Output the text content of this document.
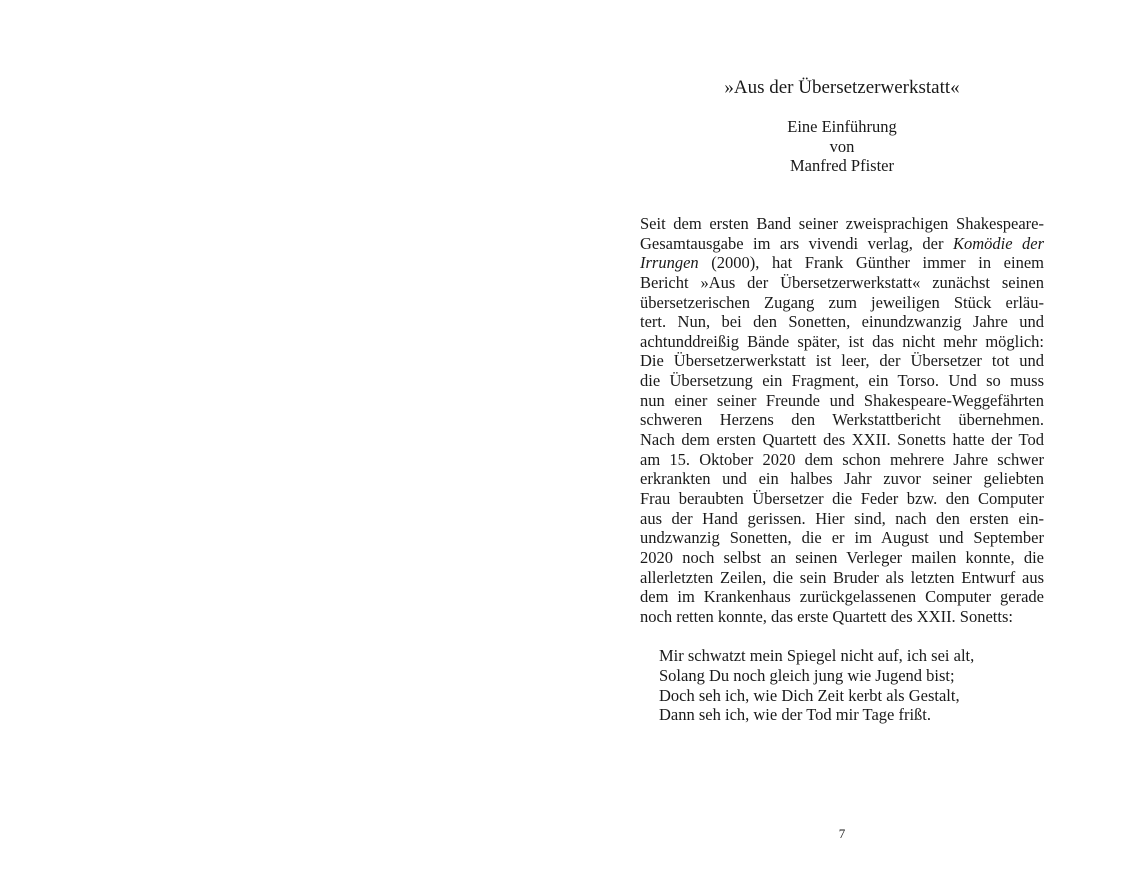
»Aus der Übersetzerwerkstatt«
Eine Einführung
von
Manfred Pfister
Seit dem ersten Band seiner zweisprachigen Shakespeare-
Gesamtausgabe im ars vivendi verlag, der Komödie der
Irrungen (2000), hat Frank Günther immer in einem
Bericht »Aus der Übersetzerwerkstatt« zunächst seinen
übersetzerischen Zugang zum jeweiligen Stück erläu-
tert. Nun, bei den Sonetten, einundzwanzig Jahre und
achtunddreißig Bände später, ist das nicht mehr möglich:
Die Übersetzerwerkstatt ist leer, der Übersetzer tot und
die Übersetzung ein Fragment, ein Torso. Und so muss
nun einer seiner Freunde und Shakespeare-Weggefährten
schweren Herzens den Werkstattbericht übernehmen.
Nach dem ersten Quartett des XXII. Sonetts hatte der Tod
am 15. Oktober 2020 dem schon mehrere Jahre schwer
erkrankten und ein halbes Jahr zuvor seiner geliebten
Frau beraubten Übersetzer die Feder bzw. den Computer
aus der Hand gerissen. Hier sind, nach den ersten ein-
undzwanzig Sonetten, die er im August und September
2020 noch selbst an seinen Verleger mailen konnte, die
allerletzten Zeilen, die sein Bruder als letzten Entwurf aus
dem im Krankenhaus zurückgelassenen Computer gerade
noch retten konnte, das erste Quartett des XXII. Sonetts:
Mir schwatzt mein Spiegel nicht auf, ich sei alt,
Solang Du noch gleich jung wie Jugend bist;
Doch seh ich, wie Dich Zeit kerbt als Gestalt,
Dann seh ich, wie der Tod mir Tage frißt.
7
